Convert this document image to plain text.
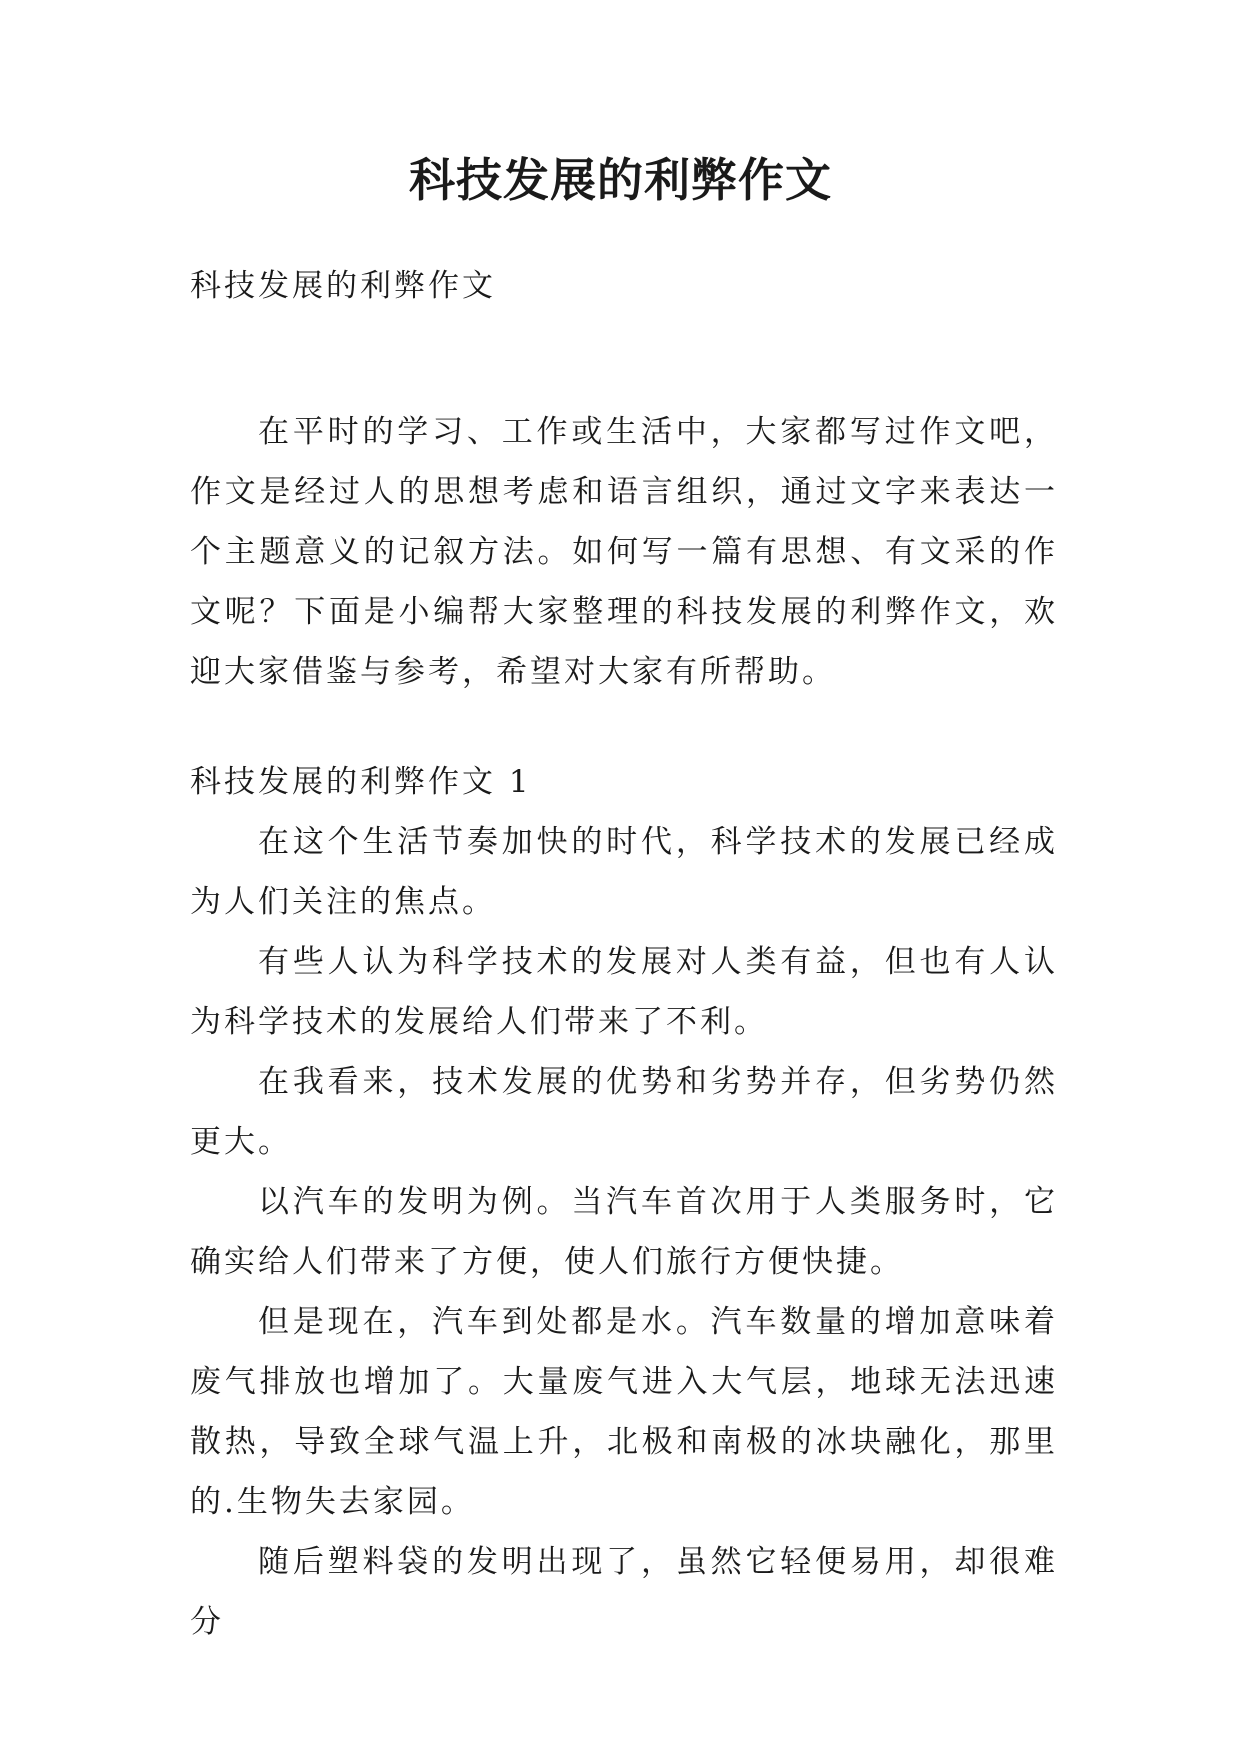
科技发展的利弊作文

科技发展的利弊作文

在平时的学习、工作或生活中，大家都写过作文吧，作文是经过人的思想考虑和语言组织，通过文字来表达一个主题意义的记叙方法。如何写一篇有思想、有文采的作文呢？下面是小编帮大家整理的科技发展的利弊作文，欢迎大家借鉴与参考，希望对大家有所帮助。

科技发展的利弊作文 1

在这个生活节奏加快的时代，科学技术的发展已经成为人们关注的焦点。

有些人认为科学技术的发展对人类有益，但也有人认为科学技术的发展给人们带来了不利。

在我看来，技术发展的优势和劣势并存，但劣势仍然更大。

以汽车的发明为例。当汽车首次用于人类服务时，它确实给人们带来了方便，使人们旅行方便快捷。

但是现在，汽车到处都是水。汽车数量的增加意味着废气排放也增加了。大量废气进入大气层，地球无法迅速散热，导致全球气温上升，北极和南极的冰块融化，那里的.生物失去家园。

随后塑料袋的发明出现了，虽然它轻便易用，却很难分
